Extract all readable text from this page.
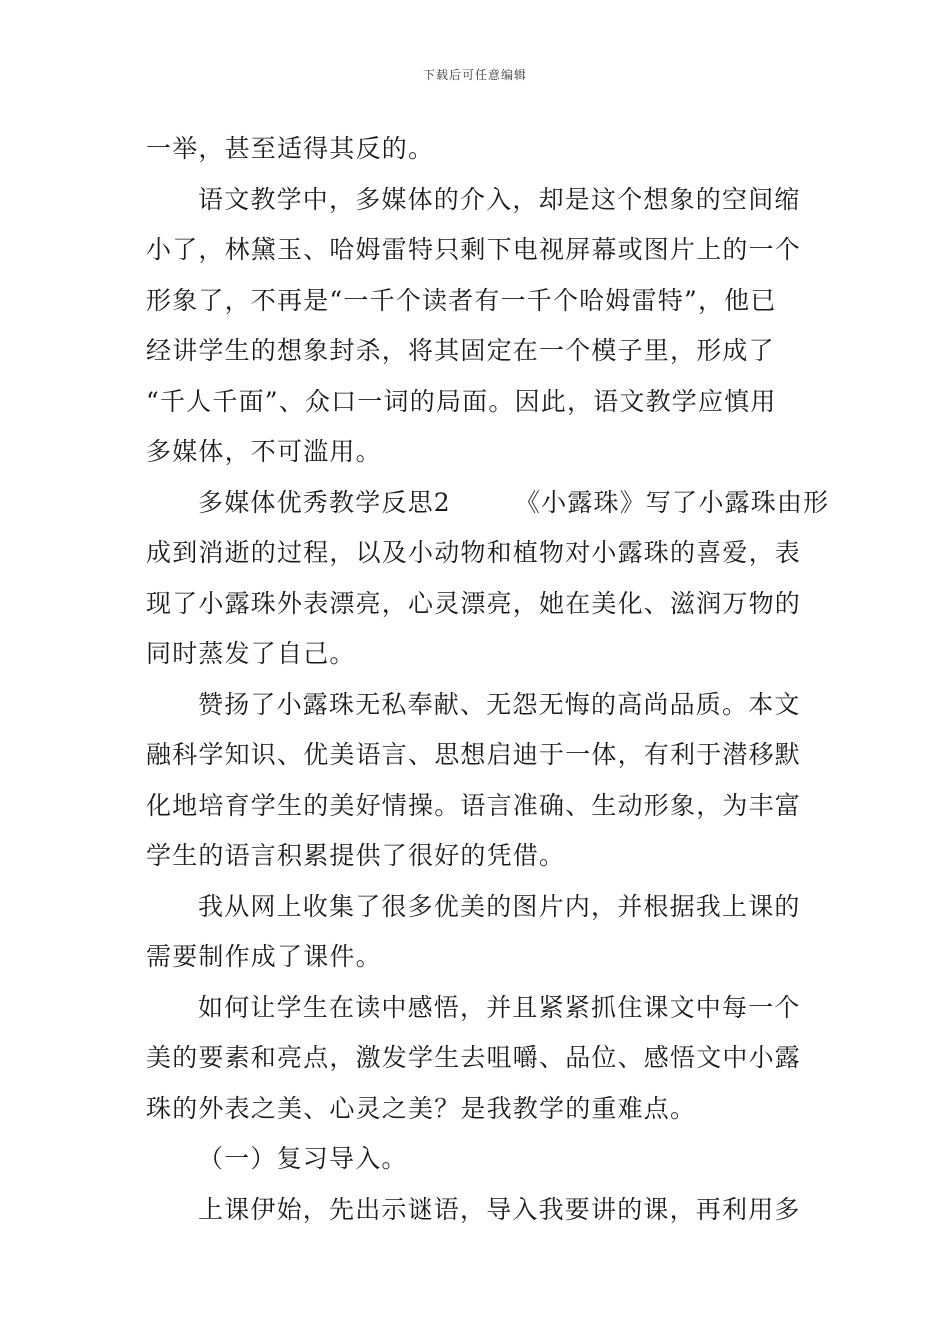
下载后可任意编辑
一举，甚至适得其反的。
语文教学中，多媒体的介入，却是这个想象的空间缩
小了，林黛玉、哈姆雷特只剩下电视屏幕或图片上的一个
形象了，不再是“一千个读者有一千个哈姆雷特”，他已
经讲学生的想象封杀，将其固定在一个模子里，形成了
“千人千面”、众口一词的局面。因此，语文教学应慎用
多媒体，不可滥用。
多媒体优秀教学反思2	《小露珠》写了小露珠由形
成到消逝的过程，以及小动物和植物对小露珠的喜爱，表
现了小露珠外表漂亮，心灵漂亮，她在美化、滋润万物的
同时蒸发了自己。
赞扬了小露珠无私奉献、无怨无悔的高尚品质。本文
融科学知识、优美语言、思想启迪于一体，有利于潜移默
化地培育学生的美好情操。语言准确、生动形象，为丰富
学生的语言积累提供了很好的凭借。
我从网上收集了很多优美的图片内，并根据我上课的
需要制作成了课件。
如何让学生在读中感悟，并且紧紧抓住课文中每一个
美的要素和亮点，激发学生去咀嚼、品位、感悟文中小露
珠的外表之美、心灵之美？是我教学的重难点。
（一）复习导入。
上课伊始，先出示谜语，导入我要讲的课，再利用多
